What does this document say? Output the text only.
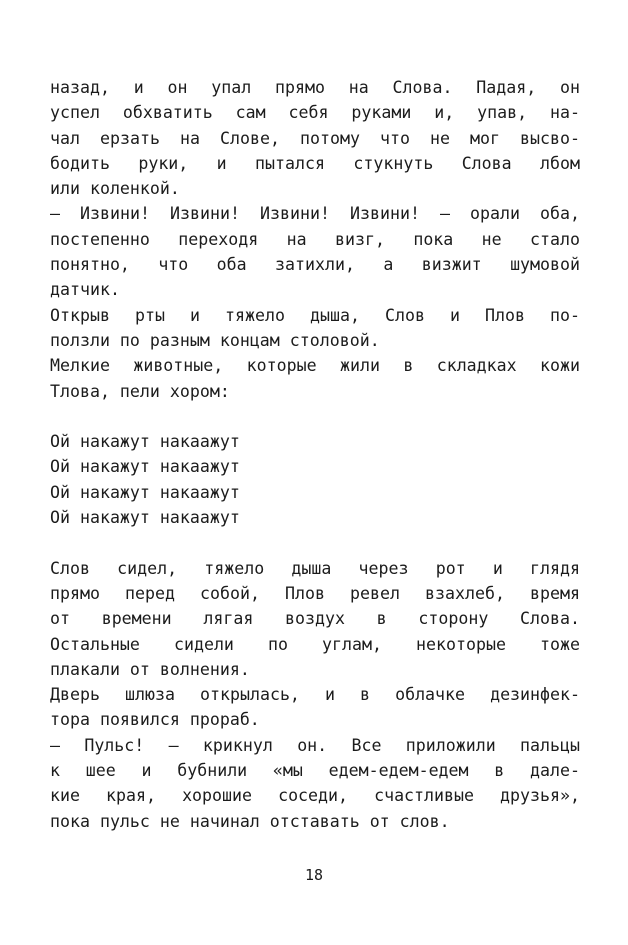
назад, и он упал прямо на Слова. Падая, он
успел обхватить сам себя руками и, упав, на-
чал ерзать на Слове, потому что не мог высво-
бодить руки, и пытался стукнуть Слова лбом
или коленкой.
— Извини! Извини! Извини! Извини! — орали оба,
постепенно переходя на визг, пока не стало
понятно, что оба затихли, а визжит шумовой
датчик.
Открыв рты и тяжело дыша, Слов и Плов по-
ползли по разным концам столовой.
Мелкие животные, которые жили в складках кожи
Тлова, пели хором:
Ой накажут накаажут
Ой накажут накаажут
Ой накажут накаажут
Ой накажут накаажут
Слов сидел, тяжело дыша через рот и глядя
прямо перед собой, Плов ревел взахлеб, время
от времени лягая воздух в сторону Слова.
Остальные сидели по углам, некоторые тоже
плакали от волнения.
Дверь шлюза открылась, и в облачке дезинфек-
тора появился прораб.
— Пульс! — крикнул он. Все приложили пальцы
к шее и бубнили «мы едем-едем-едем в дале-
кие края, хорошие соседи, счастливые друзья»,
пока пульс не начинал отставать от слов.
18
